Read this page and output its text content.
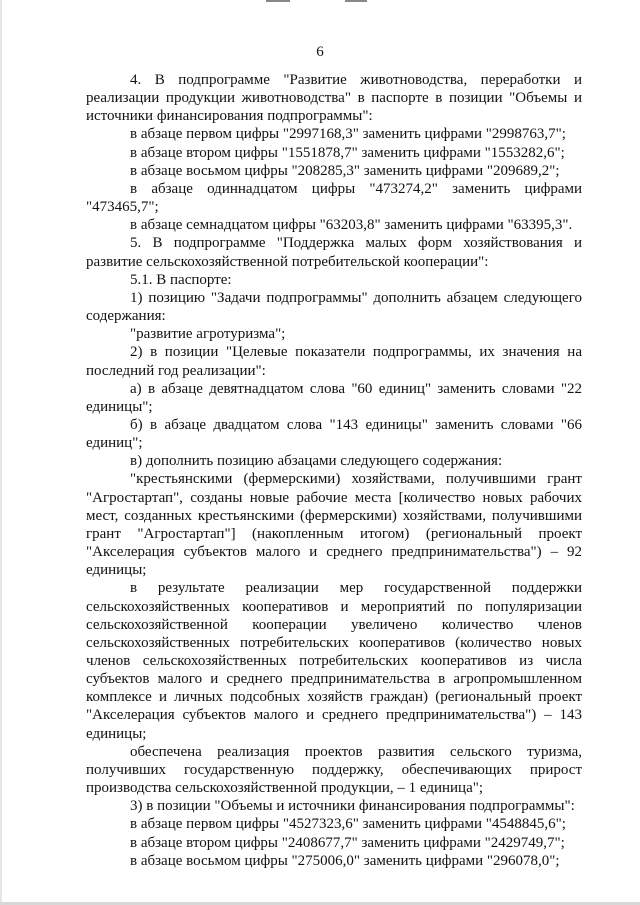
6

4. В подпрограмме "Развитие животноводства, переработки и реализации продукции животноводства" в паспорте в позиции "Объемы и источники финансирования подпрограммы":

в абзаце первом цифры "2997168,3" заменить цифрами "2998763,7";

в абзаце втором цифры "1551878,7" заменить цифрами "1553282,6";

в абзаце восьмом цифры "208285,3" заменить цифрами "209689,2";

в абзаце одиннадцатом цифры "473274,2" заменить цифрами "473465,7";

в абзаце семнадцатом цифры "63203,8" заменить цифрами "63395,3".

5. В подпрограмме "Поддержка малых форм хозяйствования и развитие сельскохозяйственной потребительской кооперации":

5.1. В паспорте:

1) позицию "Задачи подпрограммы" дополнить абзацем следующего содержания:

"развитие агротуризма";

2) в позиции "Целевые показатели подпрограммы, их значения на последний год реализации":

а) в абзаце девятнадцатом слова "60 единиц" заменить словами "22 единицы";

б) в абзаце двадцатом слова "143 единицы" заменить словами "66 единиц";

в) дополнить позицию абзацами следующего содержания:

"крестьянскими (фермерскими) хозяйствами, получившими грант "Агростартап", созданы новые рабочие места [количество новых рабочих мест, созданных крестьянскими (фермерскими) хозяйствами, получившими грант "Агростартап"] (накопленным итогом) (региональный проект "Акселерация субъектов малого и среднего предпринимательства") – 92 единицы;

в результате реализации мер государственной поддержки сельскохозяйственных кооперативов и мероприятий по популяризации сельскохозяйственной кооперации увеличено количество членов сельскохозяйственных потребительских кооперативов (количество новых членов сельскохозяйственных потребительских кооперативов из числа субъектов малого и среднего предпринимательства в агропромышленном комплексе и личных подсобных хозяйств граждан) (региональный проект "Акселерация субъектов малого и среднего предпринимательства") – 143 единицы;

обеспечена реализация проектов развития сельского туризма, получивших государственную поддержку, обеспечивающих прирост производства сельскохозяйственной продукции, – 1 единица";

3) в позиции "Объемы и источники финансирования подпрограммы":

в абзаце первом цифры "4527323,6" заменить цифрами "4548845,6";

в абзаце втором цифры "2408677,7" заменить цифрами "2429749,7";

в абзаце восьмом цифры "275006,0" заменить цифрами "296078,0";
